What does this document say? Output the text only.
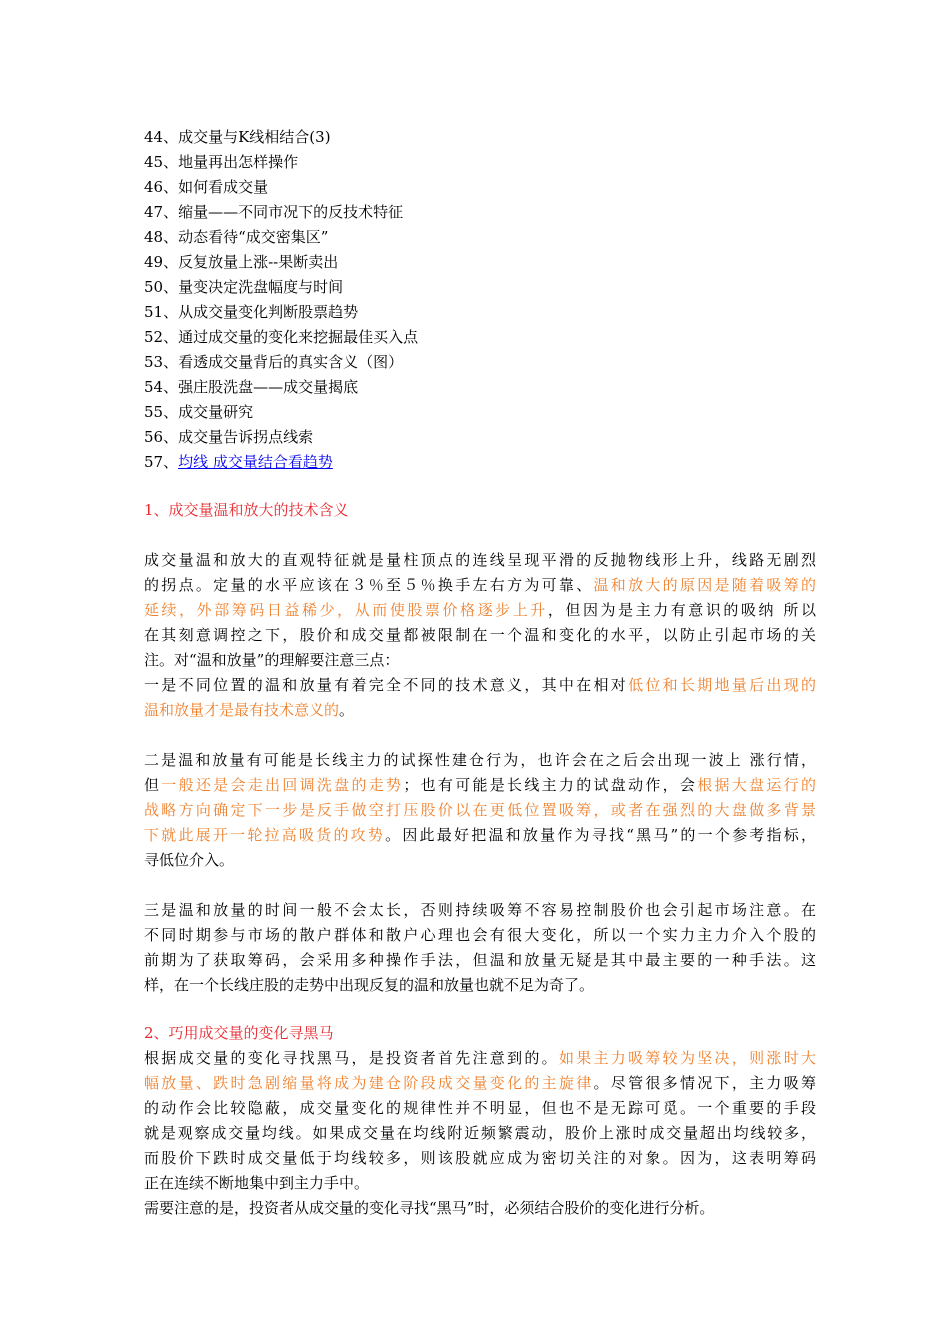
44、成交量与K线相结合(3)
45、地量再出怎样操作
46、如何看成交量
47、缩量——不同市况下的反技术特征
48、动态看待“成交密集区”
49、反复放量上涨--果断卖出
50、量变决定洗盘幅度与时间
51、从成交量变化判断股票趋势
52、通过成交量的变化来挖掘最佳买入点
53、看透成交量背后的真实含义（图）
54、强庄股洗盘——成交量揭底
55、成交量研究
56、成交量告诉拐点线索
57、均线 成交量结合看趋势
1、成交量温和放大的技术含义
成交量温和放大的直观特征就是量柱顶点的连线呈现平滑的反抛物线形上升，线路无剧烈
的拐点。定量的水平应该在３％至５％换手左右方为可靠、温和放大的原因是随着吸筹的
延续，外部筹码日益稀少，从而使股票价格逐步上升，但因为是主力有意识的吸纳 所以
在其刻意调控之下，股价和成交量都被限制在一个温和变化的水平，以防止引起市场的关
注。对“温和放量”的理解要注意三点：
一是不同位置的温和放量有着完全不同的技术意义，其中在相对低位和长期地量后出现的
温和放量才是最有技术意义的。
二是温和放量有可能是长线主力的试探性建仓行为，也许会在之后会出现一波上 涨行情，
但一般还是会走出回调洗盘的走势；也有可能是长线主力的试盘动作，会根据大盘运行的
战略方向确定下一步是反手做空打压股价以在更低位置吸筹，或者在强烈的大盘做多背景
下就此展开一轮拉高吸货的攻势。因此最好把温和放量作为寻找“黑马”的一个参考指标，
寻低位介入。
三是温和放量的时间一般不会太长，否则持续吸筹不容易控制股价也会引起市场注意。在
不同时期参与市场的散户群体和散户心理也会有很大变化，所以一个实力主力介入个股的
前期为了获取筹码，会采用多种操作手法，但温和放量无疑是其中最主要的一种手法。这
样，在一个长线庄股的走势中出现反复的温和放量也就不足为奇了。
2、巧用成交量的变化寻黑马
根据成交量的变化寻找黑马，是投资者首先注意到的。如果主力吸筹较为坚决，则涨时大
幅放量、跌时急剧缩量将成为建仓阶段成交量变化的主旋律。尽管很多情况下，主力吸筹
的动作会比较隐蔽，成交量变化的规律性并不明显，但也不是无踪可觅。一个重要的手段
就是观察成交量均线。如果成交量在均线附近频繁震动，股价上涨时成交量超出均线较多，
而股价下跌时成交量低于均线较多，则该股就应成为密切关注的对象。因为，这表明筹码
正在连续不断地集中到主力手中。
需要注意的是，投资者从成交量的变化寻找“黑马”时，必须结合股价的变化进行分析。
